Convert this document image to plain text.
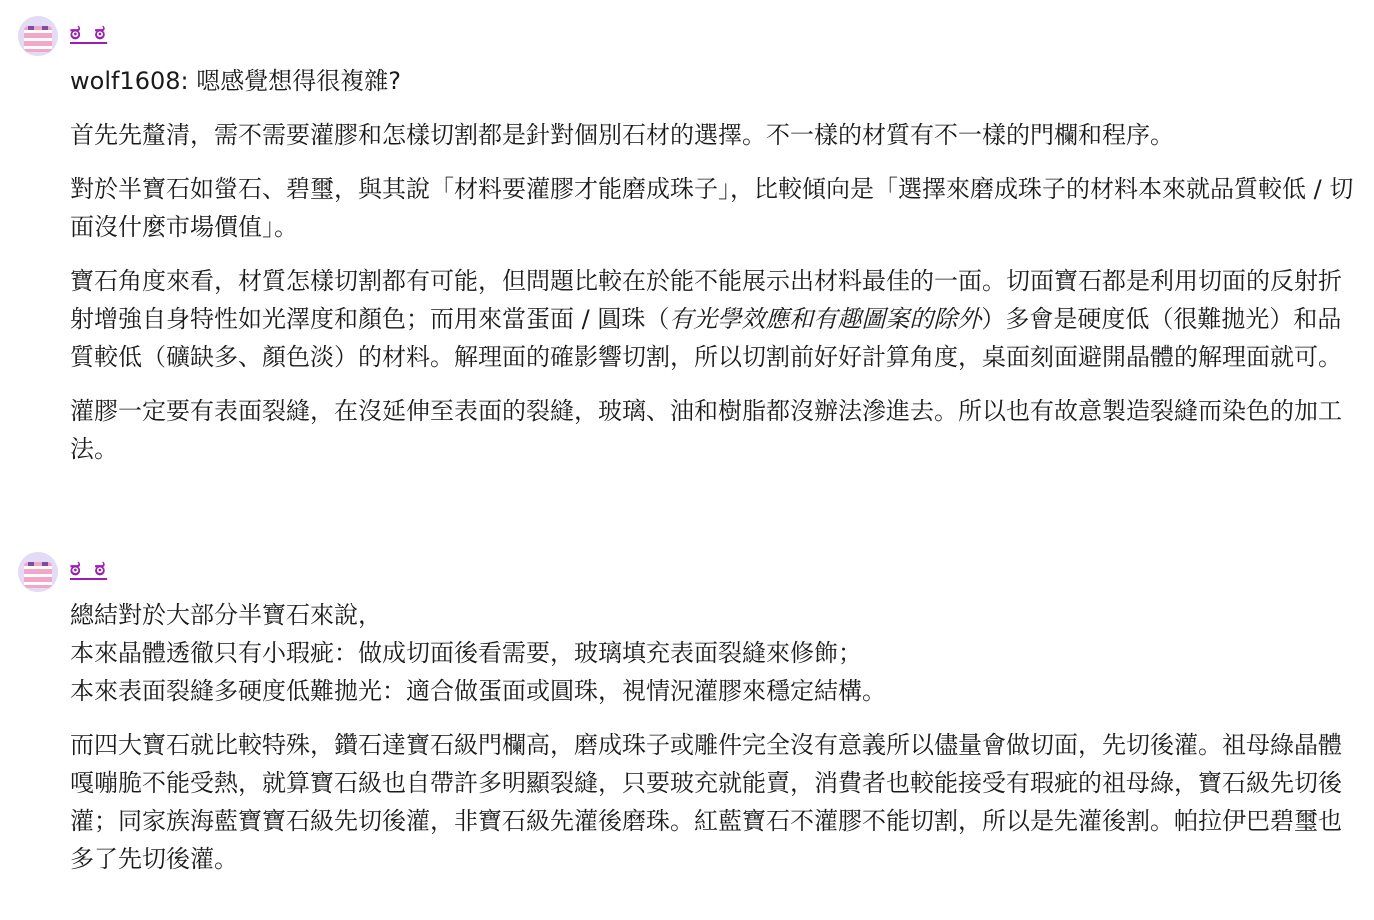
ಠ_ಠ

wolf1608: 嗯感覺想得很複雜?

首先先釐清，需不需要灌膠和怎樣切割都是針對個別石材的選擇。不一樣的材質有不一樣的門欄和程序。

對於半寶石如螢石、碧璽，與其說「材料要灌膠才能磨成珠子」，比較傾向是「選擇來磨成珠子的材料本來就品質較低 / 切面沒什麼市場價值」。

寶石角度來看，材質怎樣切割都有可能，但問題比較在於能不能展示出材料最佳的一面。切面寶石都是利用切面的反射折射增強自身特性如光澤度和顏色；而用來當蛋面 / 圓珠（有光學效應和有趣圖案的除外）多會是硬度低（很難拋光）和品質較低（礦缺多、顏色淡）的材料。解理面的確影響切割，所以切割前好好計算角度，桌面刻面避開晶體的解理面就可。

灌膠一定要有表面裂縫，在沒延伸至表面的裂縫，玻璃、油和樹脂都沒辦法滲進去。所以也有故意製造裂縫而染色的加工法。

ಠ_ಠ

總結對於大部分半寶石來說，
本來晶體透徹只有小瑕疵：做成切面後看需要，玻璃填充表面裂縫來修飾；
本來表面裂縫多硬度低難拋光：適合做蛋面或圓珠，視情況灌膠來穩定結構。

而四大寶石就比較特殊，鑽石達寶石級門欄高，磨成珠子或雕件完全沒有意義所以儘量會做切面，先切後灌。祖母綠晶體嘎嘣脆不能受熱，就算寶石級也自帶許多明顯裂縫，只要玻充就能賣，消費者也較能接受有瑕疵的祖母綠，寶石級先切後灌；同家族海藍寶寶石級先切後灌，非寶石級先灌後磨珠。紅藍寶石不灌膠不能切割，所以是先灌後割。帕拉伊巴碧璽也多了先切後灌。
